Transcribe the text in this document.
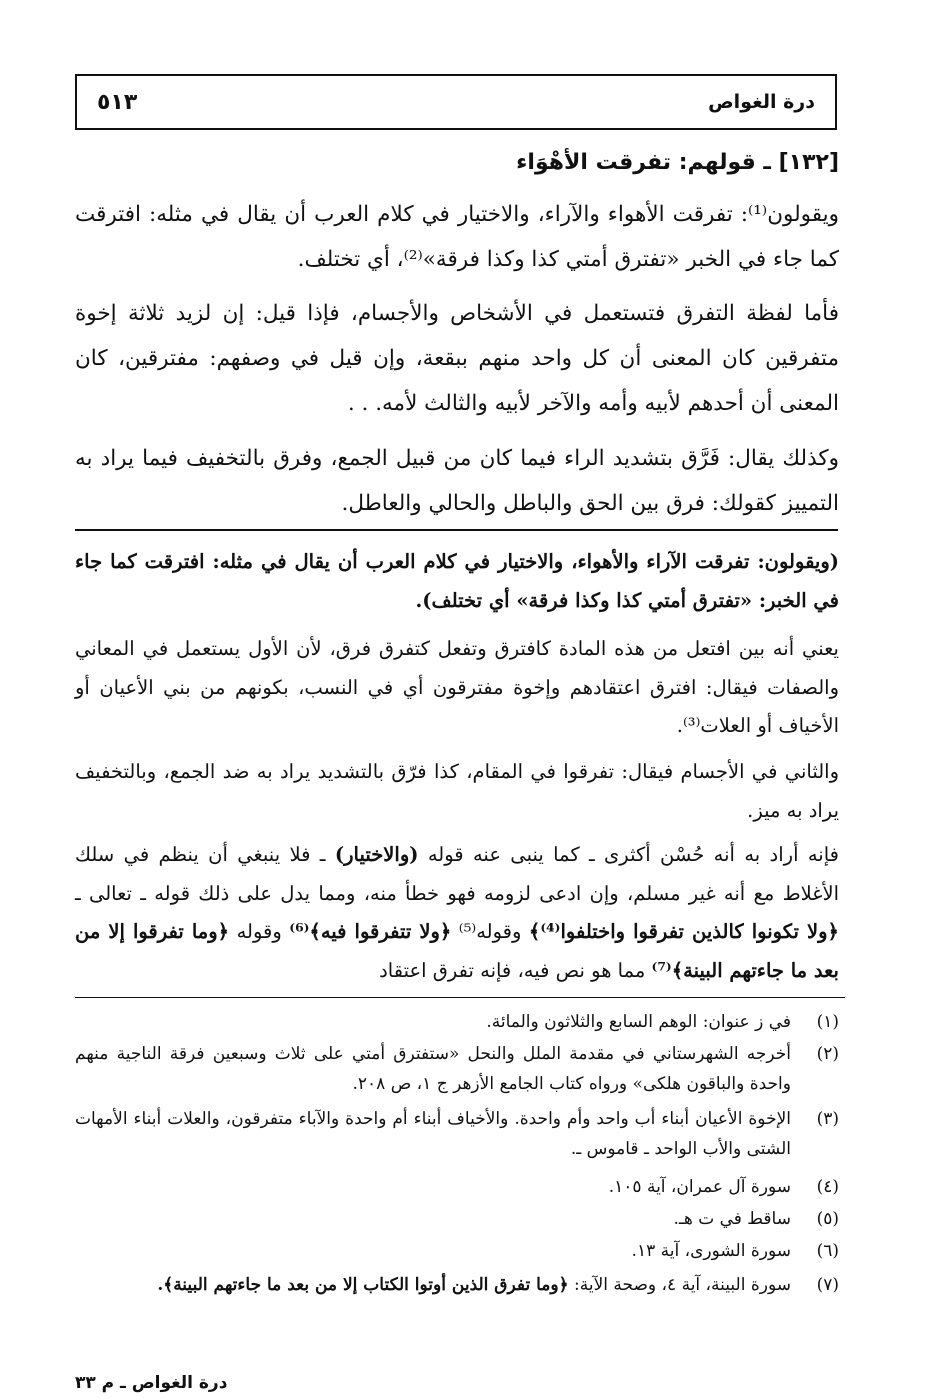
درة الغواص
٥١٣

[١٣٢] ـ قولهم: تفرقت الأهْوَاء

ويقولون⁽¹⁾: تفرقت الأهواء والآراء، والاختيار في كلام العرب أن يقال في مثله: افترقت كما جاء في الخبر «تفترق أمتي كذا وكذا فرقة»⁽²⁾، أي تختلف.

فأما لفظة التفرق فتستعمل في الأشخاص والأجسام، فإذا قيل: إن لزيد ثلاثة إخوة متفرقين كان المعنى أن كل واحد منهم ببقعة، وإن قيل في وصفهم: مفترقين، كان المعنى أن أحدهم لأبيه وأمه والآخر لأبيه والثالث لأمه. . .

وكذلك يقال: فَرَّق بتشديد الراء فيما كان من قبيل الجمع، وفرق بالتخفيف فيما يراد به التمييز كقولك: فرق بين الحق والباطل والحالي والعاطل.

(ويقولون: تفرقت الآراء والأهواء، والاختيار في كلام العرب أن يقال في مثله: افترقت كما جاء في الخبر: «تفترق أمتي كذا وكذا فرقة» أي تختلف).

يعني أنه بين افتعل من هذه المادة كافترق وتفعل كتفرق فرق، لأن الأول يستعمل في المعاني والصفات فيقال: افترق اعتقادهم وإخوة مفترقون أي في النسب، بكونهم من بني الأعيان أو الأخياف أو العلات⁽³⁾.

والثاني في الأجسام فيقال: تفرقوا في المقام، كذا فرّق بالتشديد يراد به ضد الجمع، وبالتخفيف يراد به ميز.

فإنه أراد به أنه حُسْن أكثرى ـ كما ينبى عنه قوله (والاختيار) ـ فلا ينبغي أن ينظم في سلك الأغلاط مع أنه غير مسلم، وإن ادعى لزومه فهو خطأ منه، ومما يدل على ذلك قوله ـ تعالى ـ ﴿ولا تكونوا كالذين تفرقوا واختلفوا⁽⁴⁾﴾ وقوله⁽⁵⁾ ﴿ولا تتفرقوا فيه﴾⁽⁶⁾ وقوله ﴿وما تفرقوا إلا من بعد ما جاءتهم البينة﴾⁽⁷⁾ مما هو نص فيه، فإنه تفرق اعتقاد

(١)
في ز عنوان: الوهم السابع والثلاثون والمائة.
(٢)
أخرجه الشهرستاني في مقدمة الملل والنحل «ستفترق أمتي على ثلاث وسبعين فرقة الناجية منهم واحدة والباقون هلكى» ورواه كتاب الجامع الأزهر ج ١، ص ٢٠٨.
(٣)
الإخوة الأعيان أبناء أب واحد وأم واحدة. والأخياف أبناء أم واحدة والآباء متفرقون، والعلات أبناء الأمهات الشتى والأب الواحد ـ قاموس ـ.
(٤)
سورة آل عمران، آية ١٠٥.
(٥)
ساقط في ت هـ.
(٦)
سورة الشورى، آية ١٣.
(٧)
سورة البينة، آية ٤، وصحة الآية: ﴿وما تفرق الذين أوتوا الكتاب إلا من بعد ما جاءتهم البينة﴾.
درة الغواص ـ م ٣٣
